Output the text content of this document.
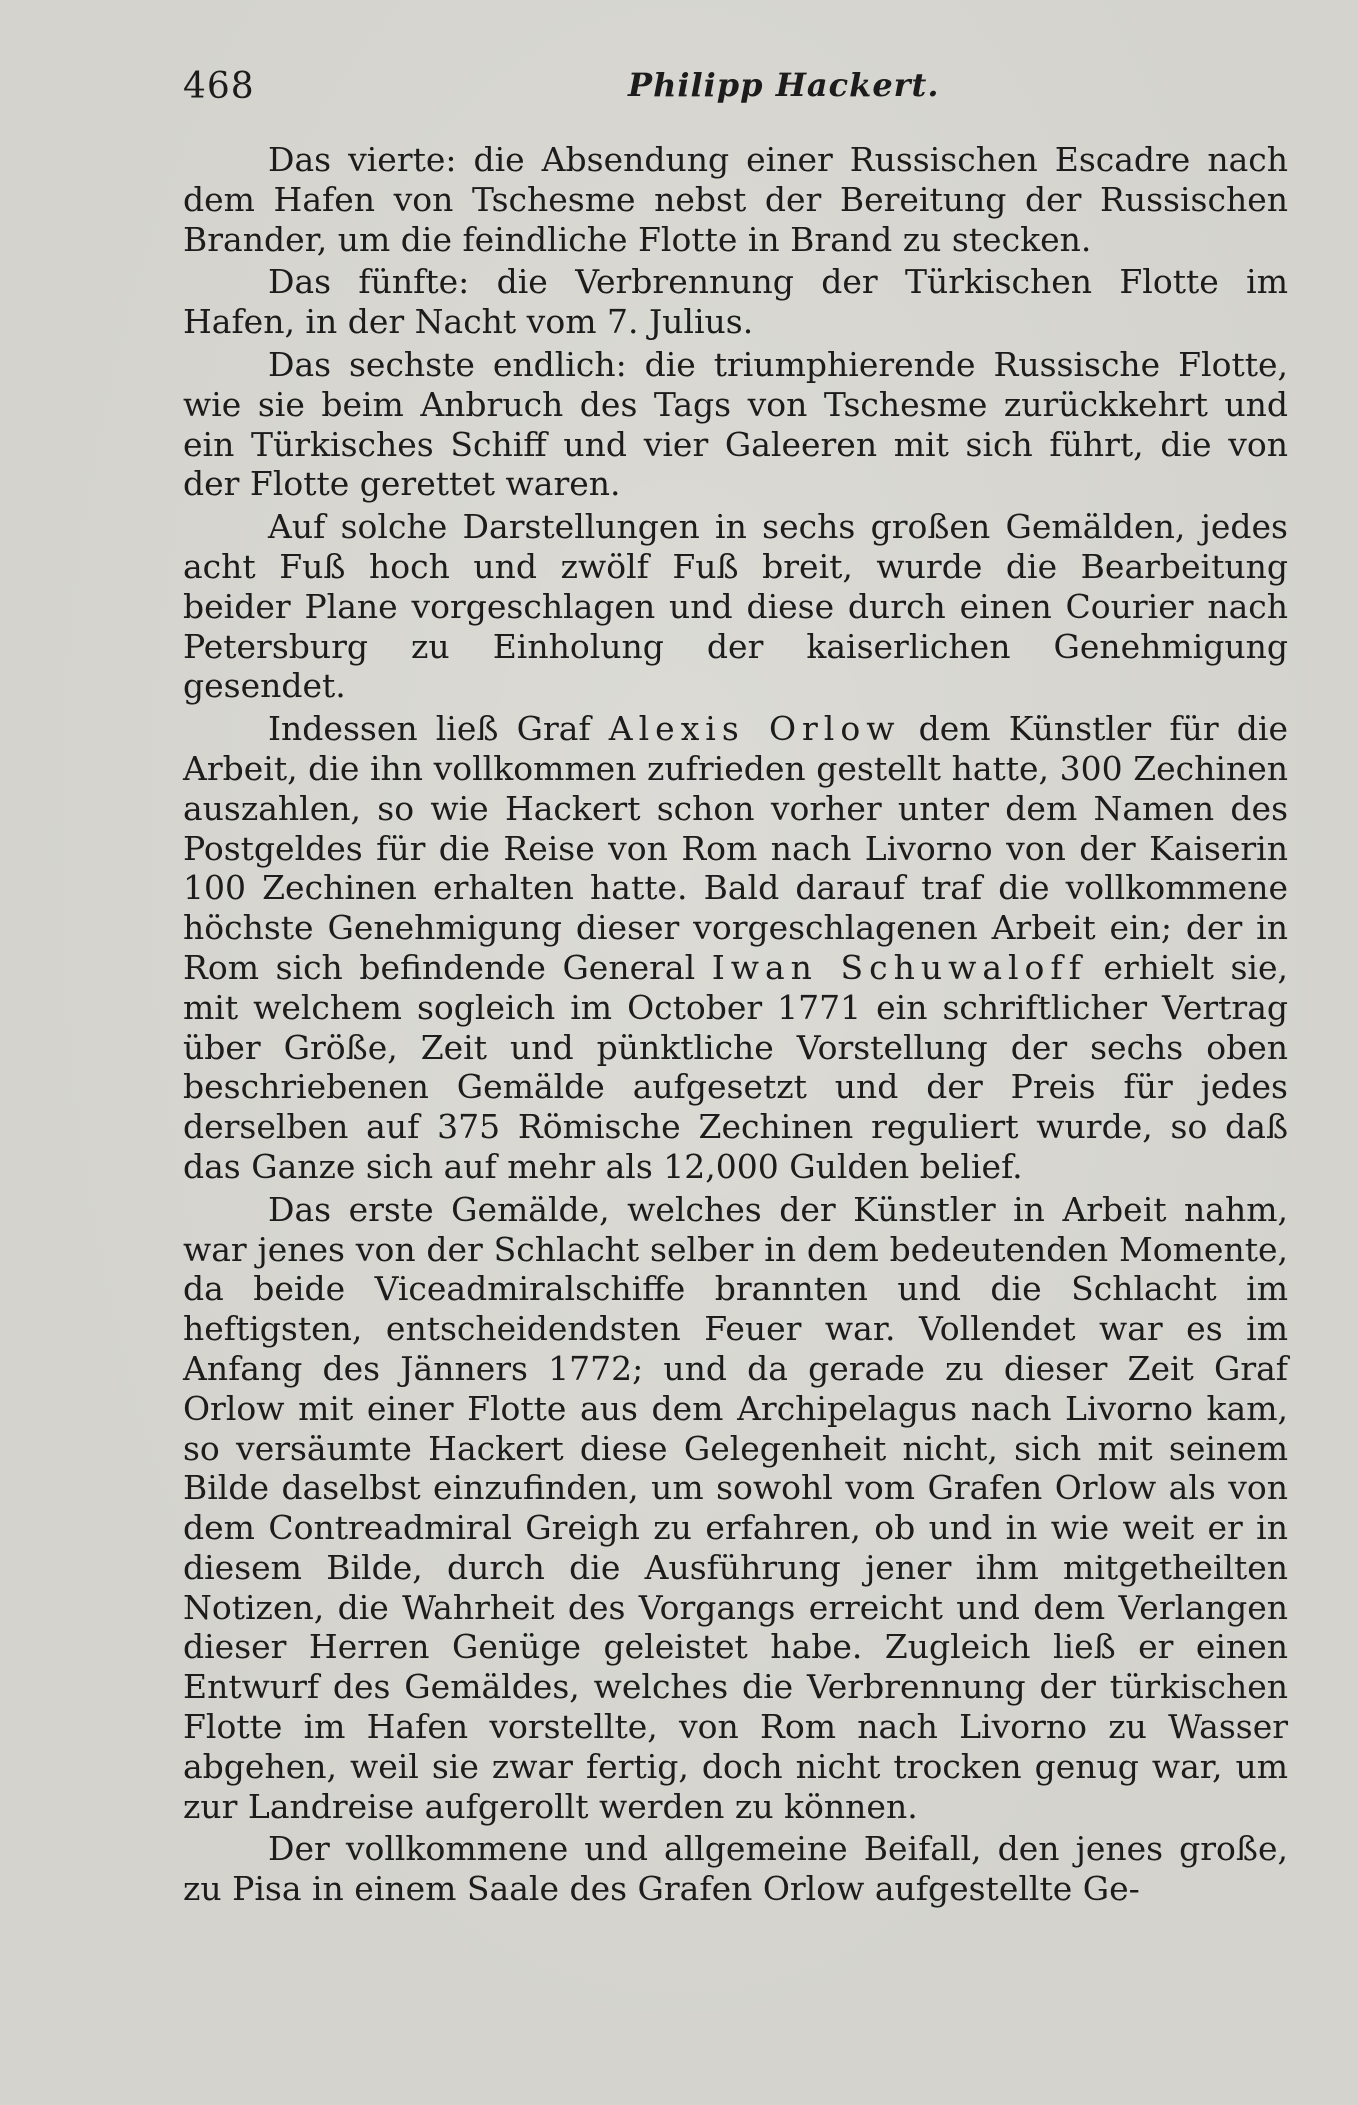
468	Philipp Hackert.

Das vierte: die Absendung einer Russischen Escadre nach dem Hafen von Tschesme nebst der Bereitung der Russischen Brander, um die feindliche Flotte in Brand zu stecken.

Das fünfte: die Verbrennung der Türkischen Flotte im Hafen, in der Nacht vom 7. Julius.

Das sechste endlich: die triumphierende Russische Flotte, wie sie beim Anbruch des Tags von Tschesme zurückkehrt und ein Türkisches Schiff und vier Galeeren mit sich führt, die von der Flotte gerettet waren.

Auf solche Darstellungen in sechs großen Gemälden, jedes acht Fuß hoch und zwölf Fuß breit, wurde die Bearbeitung beider Plane vorgeschlagen und diese durch einen Courier nach Petersburg zu Einholung der kaiserlichen Genehmigung gesendet.

Indessen ließ Graf Alexis Orlow dem Künstler für die Arbeit, die ihn vollkommen zufrieden gestellt hatte, 300 Zechinen auszahlen, so wie Hackert schon vorher unter dem Namen des Postgeldes für die Reise von Rom nach Livorno von der Kaiserin 100 Zechinen erhalten hatte. Bald darauf traf die vollkommene höchste Genehmigung dieser vorgeschlagenen Arbeit ein; der in Rom sich befindende General Iwan Schuwaloff erhielt sie, mit welchem sogleich im October 1771 ein schriftlicher Vertrag über Größe, Zeit und pünktliche Vorstellung der sechs oben beschriebenen Gemälde aufgesetzt und der Preis für jedes derselben auf 375 Römische Zechinen reguliert wurde, so daß das Ganze sich auf mehr als 12,000 Gulden belief.

Das erste Gemälde, welches der Künstler in Arbeit nahm, war jenes von der Schlacht selber in dem bedeutenden Momente, da beide Viceadmiralschiffe brannten und die Schlacht im heftigsten, entscheidendsten Feuer war. Vollendet war es im Anfang des Jänners 1772; und da gerade zu dieser Zeit Graf Orlow mit einer Flotte aus dem Archipelagus nach Livorno kam, so versäumte Hackert diese Gelegenheit nicht, sich mit seinem Bilde daselbst einzufinden, um sowohl vom Grafen Orlow als von dem Contreadmiral Greigh zu erfahren, ob und in wie weit er in diesem Bilde, durch die Ausführung jener ihm mitgetheilten Notizen, die Wahrheit des Vorgangs erreicht und dem Verlangen dieser Herren Genüge geleistet habe. Zugleich ließ er einen Entwurf des Gemäldes, welches die Verbrennung der türkischen Flotte im Hafen vorstellte, von Rom nach Livorno zu Wasser abgehen, weil sie zwar fertig, doch nicht trocken genug war, um zur Landreise aufgerollt werden zu können.

Der vollkommene und allgemeine Beifall, den jenes große, zu Pisa in einem Saale des Grafen Orlow aufgestellte Ge-
